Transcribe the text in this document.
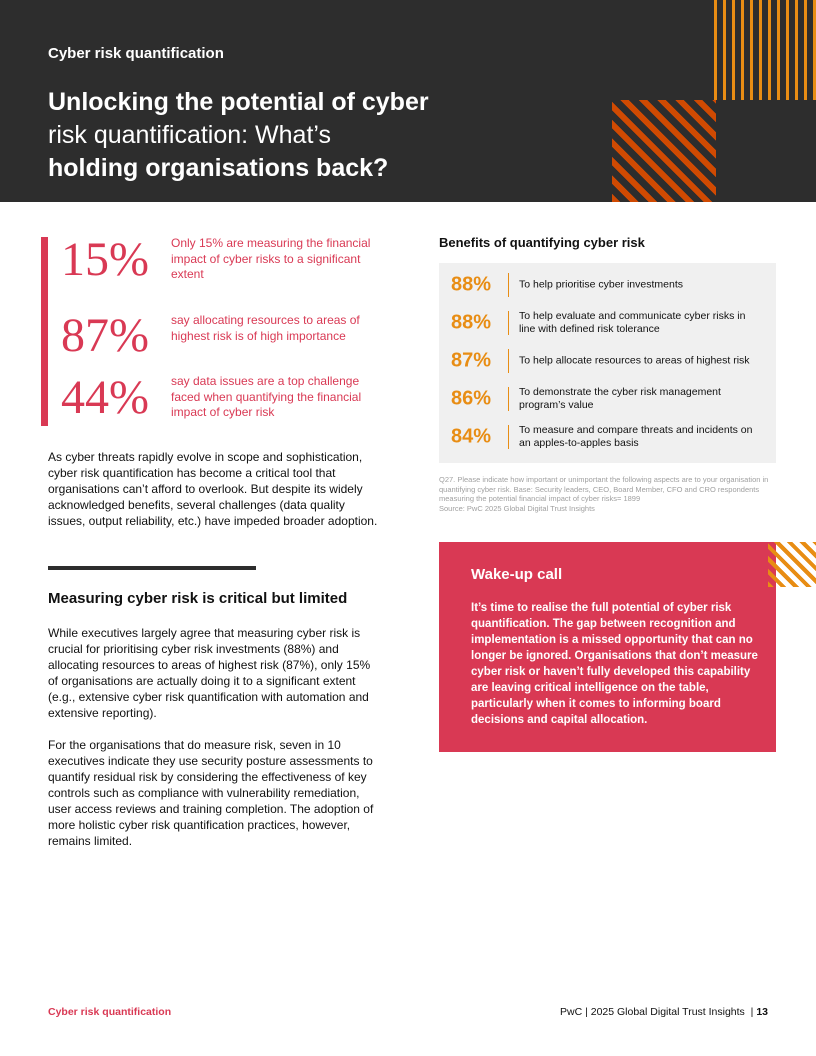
Cyber risk quantification
Unlocking the potential of cyber
risk quantification: What’s
holding organisations back?
15% Only 15% are measuring the financial impact of cyber risks to a significant extent
87% say allocating resources to areas of highest risk is of high importance
44% say data issues are a top challenge faced when quantifying the financial impact of cyber risk
As cyber threats rapidly evolve in scope and sophistication, cyber risk quantification has become a critical tool that organisations can’t afford to overlook. But despite its widely acknowledged benefits, several challenges (data quality issues, output reliability, etc.) have impeded broader adoption.
Measuring cyber risk is critical but limited
While executives largely agree that measuring cyber risk is crucial for prioritising cyber risk investments (88%) and allocating resources to areas of highest risk (87%), only 15% of organisations are actually doing it to a significant extent (e.g., extensive cyber risk quantification with automation and extensive reporting).
For the organisations that do measure risk, seven in 10 executives indicate they use security posture assessments to quantify residual risk by considering the effectiveness of key controls such as compliance with vulnerability remediation, user access reviews and training completion. The adoption of more holistic cyber risk quantification practices, however, remains limited.
Benefits of quantifying cyber risk
88%	To help prioritise cyber investments
88%	To help evaluate and communicate cyber risks in line with defined risk tolerance
87%	To help allocate resources to areas of highest risk
86%	To demonstrate the cyber risk management program’s value
84%	To measure and compare threats and incidents on an apples-to-apples basis
Q27. Please indicate how important or unimportant the following aspects are to your organisation in quantifying cyber risk. Base: Security leaders, CEO, Board Member, CFO and CRO respondents measuring the potential financial impact of cyber risks= 1899
Source: PwC 2025 Global Digital Trust Insights
Wake-up call
It’s time to realise the full potential of cyber risk quantification. The gap between recognition and implementation is a missed opportunity that can no longer be ignored. Organisations that don’t measure cyber risk or haven’t fully developed this capability are leaving critical intelligence on the table, particularly when it comes to informing board decisions and capital allocation.
Cyber risk quantification	PwC | 2025 Global Digital Trust Insights | 13
